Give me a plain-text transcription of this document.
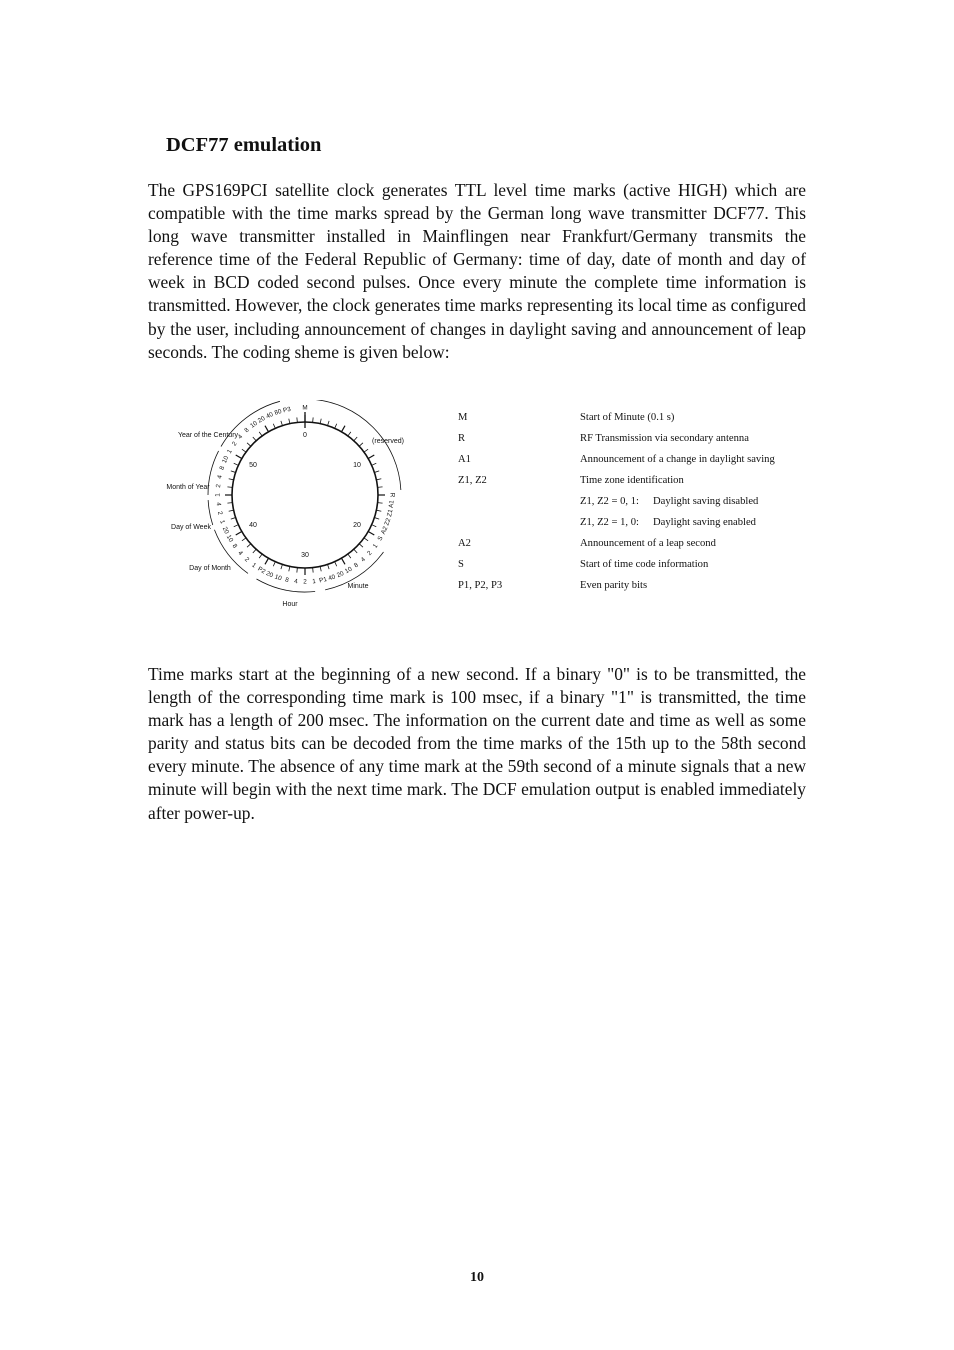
DCF77 emulation

The GPS169PCI satellite clock generates TTL level time marks (active HIGH) which are compatible with the time marks spread by the German long wave transmitter DCF77. This long wave transmitter installed in Mainflingen near Frankfurt/Germany transmits the reference time of the Federal Republic of Germany: time of day, date of month and day of week in BCD coded second pulses. Once every minute the complete time information is transmitted. However, the clock generates time marks representing its local time as configured by the user, including announcement of changes in daylight saving and announcement of leap seconds. The coding sheme is given below:

0
10
20
30
40
50
M
R
A1
Z1
Z2
A2
S
1
2
4
8
10
20
40
P1
1
2
4
8
10
20
P2
1
2
4
8
10
20
1
2
4
1
2
4
8
10
1
2
4
8
10
20
40 80 P3
(reserved)
Minute
Hour
Day of Month
Day of Week
Month of Year
Year of the Century
M	Start of Minute (0.1 s)
R	RF Transmission via secondary antenna
A1	Announcement of a change in daylight saving
Z1, Z2	Time zone identification
Z1, Z2 = 0, 1: Daylight saving disabled
Z1, Z2 = 1, 0: Daylight saving enabled
A2	Announcement of a leap second
S	Start of time code information
P1, P2, P3	Even parity bits

Time marks start at the beginning of a new second. If a binary "0" is to be transmitted, the length of the corresponding time mark is 100 msec, if a binary "1" is transmitted, the time mark has a length of 200 msec. The information on the current date and time as well as some parity and status bits can be decoded from the time marks of the 15th up to the 58th second every minute. The absence of any time mark at the 59th second of a minute signals that a new minute will begin with the next time mark. The DCF emulation output is enabled immediately after power-up.

10
